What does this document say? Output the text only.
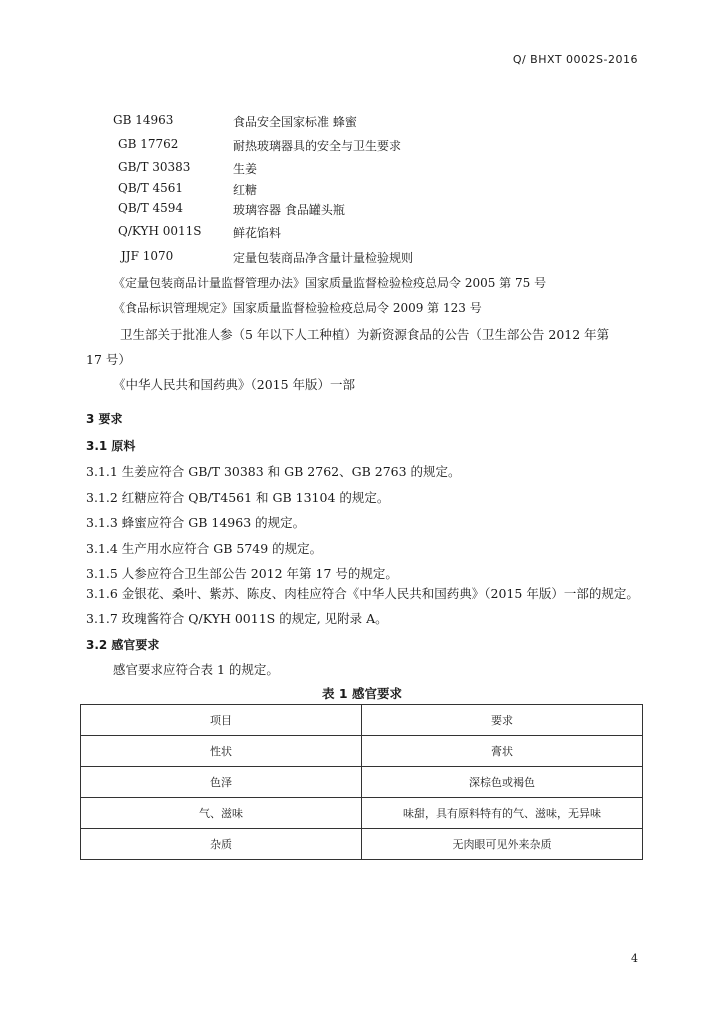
Q/ BHXT 0002S-2016
GB 14963	食品安全国家标准 蜂蜜
GB 17762	耐热玻璃器具的安全与卫生要求
GB/T 30383	生姜
QB/T 4561	红糖
QB/T 4594	玻璃容器 食品罐头瓶
Q/KYH 0011S	鲜花馅料
JJF 1070	定量包装商品净含量计量检验规则
《定量包装商品计量监督管理办法》国家质量监督检验检疫总局令 2005 第 75 号
《食品标识管理规定》国家质量监督检验检疫总局令 2009 第 123 号
卫生部关于批准人参（5 年以下人工种植）为新资源食品的公告（卫生部公告 2012 年第
17 号）
《中华人民共和国药典》（2015 年版）一部
3 要求
3.1 原料
3.1.1 生姜应符合 GB/T 30383 和 GB 2762、GB 2763 的规定。
3.1.2 红糖应符合 QB/T4561 和 GB 13104 的规定。
3.1.3 蜂蜜应符合 GB 14963 的规定。
3.1.4 生产用水应符合 GB 5749 的规定。
3.1.5 人参应符合卫生部公告 2012 年第 17 号的规定。
3.1.6 金银花、桑叶、紫苏、陈皮、肉桂应符合《中华人民共和国药典》（2015 年版）一部的规定。
3.1.7 玫瑰酱符合 Q/KYH 0011S 的规定, 见附录 A。
3.2 感官要求
感官要求应符合表 1 的规定。
表 1 感官要求
项目	要求
性状	膏状
色泽	深棕色或褐色
气、滋味	味甜，具有原料特有的气、滋味，无异味
杂质	无肉眼可见外来杂质
4
